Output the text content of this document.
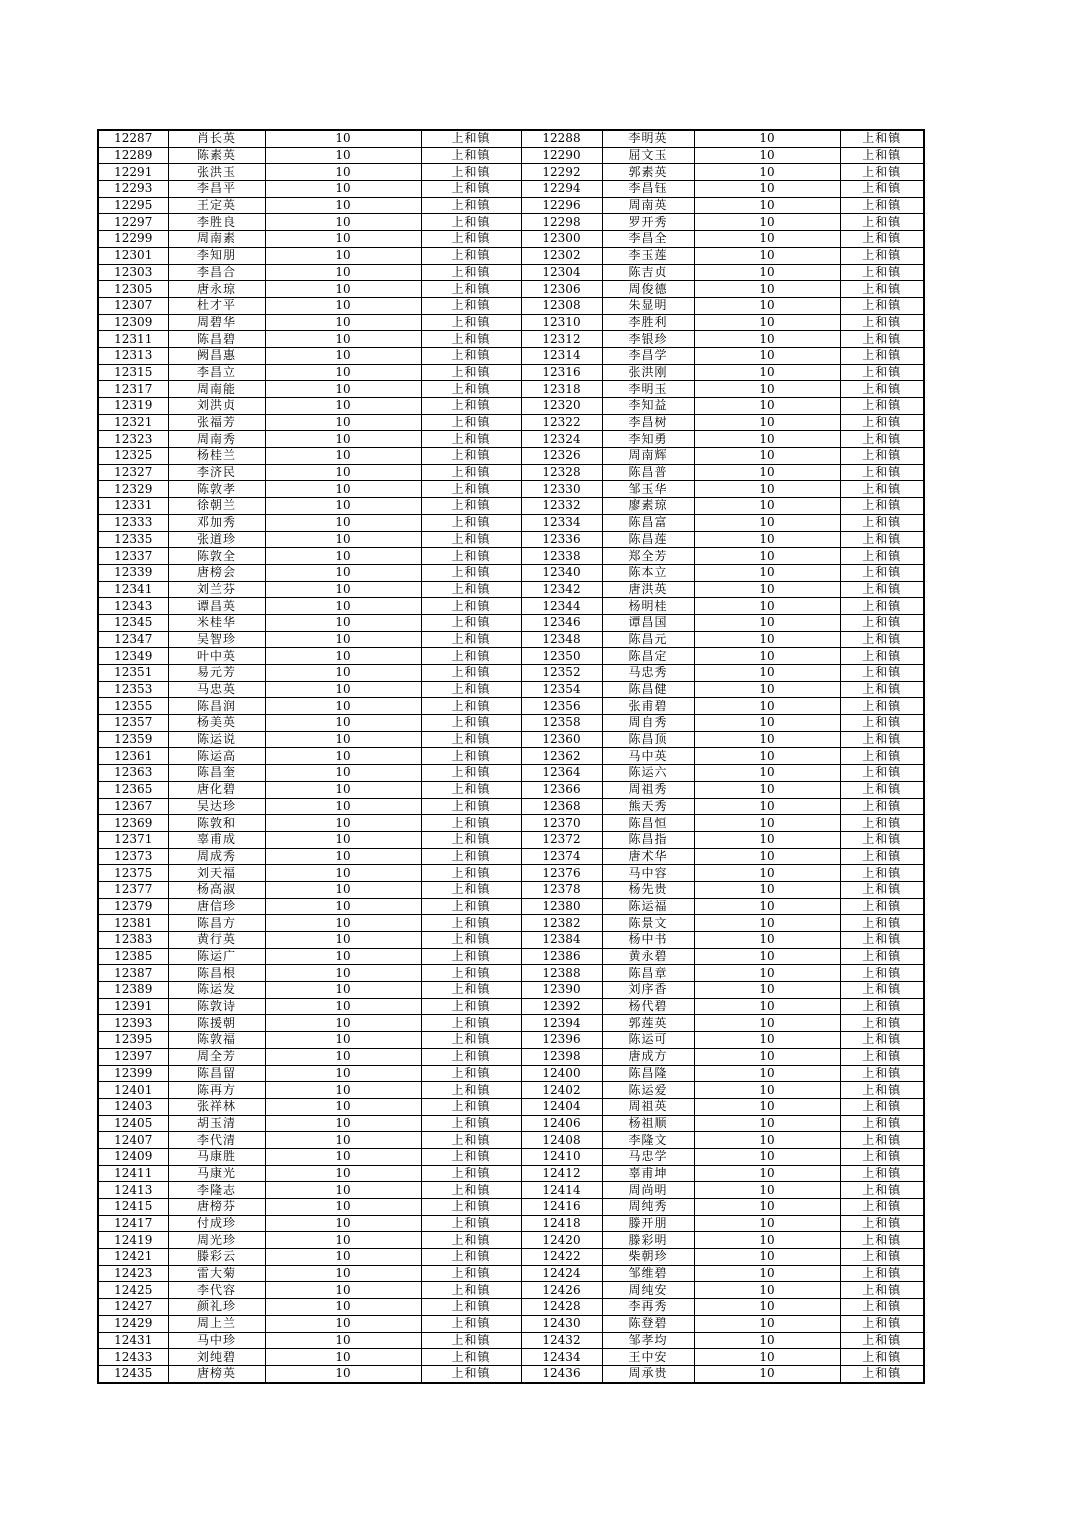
12287	肖长英	10	上和镇	12288	李明英	10	上和镇
12289	陈素英	10	上和镇	12290	屈文玉	10	上和镇
12291	张洪玉	10	上和镇	12292	郭素英	10	上和镇
12293	李昌平	10	上和镇	12294	李昌钰	10	上和镇
12295	王定英	10	上和镇	12296	周南英	10	上和镇
12297	李胜良	10	上和镇	12298	罗开秀	10	上和镇
12299	周南素	10	上和镇	12300	李昌全	10	上和镇
12301	李知朋	10	上和镇	12302	李玉莲	10	上和镇
12303	李昌合	10	上和镇	12304	陈吉贞	10	上和镇
12305	唐永琼	10	上和镇	12306	周俊德	10	上和镇
12307	杜才平	10	上和镇	12308	朱显明	10	上和镇
12309	周碧华	10	上和镇	12310	李胜利	10	上和镇
12311	陈昌碧	10	上和镇	12312	李银珍	10	上和镇
12313	阙昌惠	10	上和镇	12314	李昌学	10	上和镇
12315	李昌立	10	上和镇	12316	张洪刚	10	上和镇
12317	周南能	10	上和镇	12318	李明玉	10	上和镇
12319	刘洪贞	10	上和镇	12320	李知益	10	上和镇
12321	张福芳	10	上和镇	12322	李昌树	10	上和镇
12323	周南秀	10	上和镇	12324	李知勇	10	上和镇
12325	杨桂兰	10	上和镇	12326	周南辉	10	上和镇
12327	李济民	10	上和镇	12328	陈昌普	10	上和镇
12329	陈敦孝	10	上和镇	12330	邹玉华	10	上和镇
12331	徐朝兰	10	上和镇	12332	廖素琼	10	上和镇
12333	邓加秀	10	上和镇	12334	陈昌富	10	上和镇
12335	张道珍	10	上和镇	12336	陈昌莲	10	上和镇
12337	陈敦全	10	上和镇	12338	郑全芳	10	上和镇
12339	唐榜会	10	上和镇	12340	陈本立	10	上和镇
12341	刘兰芬	10	上和镇	12342	唐洪英	10	上和镇
12343	谭昌英	10	上和镇	12344	杨明桂	10	上和镇
12345	米桂华	10	上和镇	12346	谭昌国	10	上和镇
12347	吴智珍	10	上和镇	12348	陈昌元	10	上和镇
12349	叶中英	10	上和镇	12350	陈昌定	10	上和镇
12351	易元芳	10	上和镇	12352	马忠秀	10	上和镇
12353	马忠英	10	上和镇	12354	陈昌健	10	上和镇
12355	陈昌润	10	上和镇	12356	张甫碧	10	上和镇
12357	杨美英	10	上和镇	12358	周自秀	10	上和镇
12359	陈运说	10	上和镇	12360	陈昌顶	10	上和镇
12361	陈运高	10	上和镇	12362	马中英	10	上和镇
12363	陈昌奎	10	上和镇	12364	陈运六	10	上和镇
12365	唐化碧	10	上和镇	12366	周祖秀	10	上和镇
12367	吴达珍	10	上和镇	12368	熊天秀	10	上和镇
12369	陈敦和	10	上和镇	12370	陈昌恒	10	上和镇
12371	辜甫成	10	上和镇	12372	陈昌指	10	上和镇
12373	周成秀	10	上和镇	12374	唐术华	10	上和镇
12375	刘天福	10	上和镇	12376	马中容	10	上和镇
12377	杨高淑	10	上和镇	12378	杨先贵	10	上和镇
12379	唐信珍	10	上和镇	12380	陈运福	10	上和镇
12381	陈昌方	10	上和镇	12382	陈景文	10	上和镇
12383	黄行英	10	上和镇	12384	杨中书	10	上和镇
12385	陈运广	10	上和镇	12386	黄永碧	10	上和镇
12387	陈昌根	10	上和镇	12388	陈昌章	10	上和镇
12389	陈运发	10	上和镇	12390	刘序香	10	上和镇
12391	陈敦诗	10	上和镇	12392	杨代碧	10	上和镇
12393	陈援朝	10	上和镇	12394	郭莲英	10	上和镇
12395	陈敦福	10	上和镇	12396	陈运可	10	上和镇
12397	周全芳	10	上和镇	12398	唐成方	10	上和镇
12399	陈昌留	10	上和镇	12400	陈昌隆	10	上和镇
12401	陈再方	10	上和镇	12402	陈运爱	10	上和镇
12403	张祥林	10	上和镇	12404	周祖英	10	上和镇
12405	胡玉清	10	上和镇	12406	杨祖顺	10	上和镇
12407	李代清	10	上和镇	12408	李隆文	10	上和镇
12409	马康胜	10	上和镇	12410	马忠学	10	上和镇
12411	马康光	10	上和镇	12412	辜甫坤	10	上和镇
12413	李隆志	10	上和镇	12414	周尚明	10	上和镇
12415	唐榜芬	10	上和镇	12416	周纯秀	10	上和镇
12417	付成珍	10	上和镇	12418	滕开朋	10	上和镇
12419	周光珍	10	上和镇	12420	滕彩明	10	上和镇
12421	滕彩云	10	上和镇	12422	柴朝珍	10	上和镇
12423	雷大菊	10	上和镇	12424	邹维碧	10	上和镇
12425	李代容	10	上和镇	12426	周纯安	10	上和镇
12427	颜礼珍	10	上和镇	12428	李再秀	10	上和镇
12429	周上兰	10	上和镇	12430	陈登碧	10	上和镇
12431	马中珍	10	上和镇	12432	邹孝均	10	上和镇
12433	刘纯碧	10	上和镇	12434	王中安	10	上和镇
12435	唐榜英	10	上和镇	12436	周承贵	10	上和镇
